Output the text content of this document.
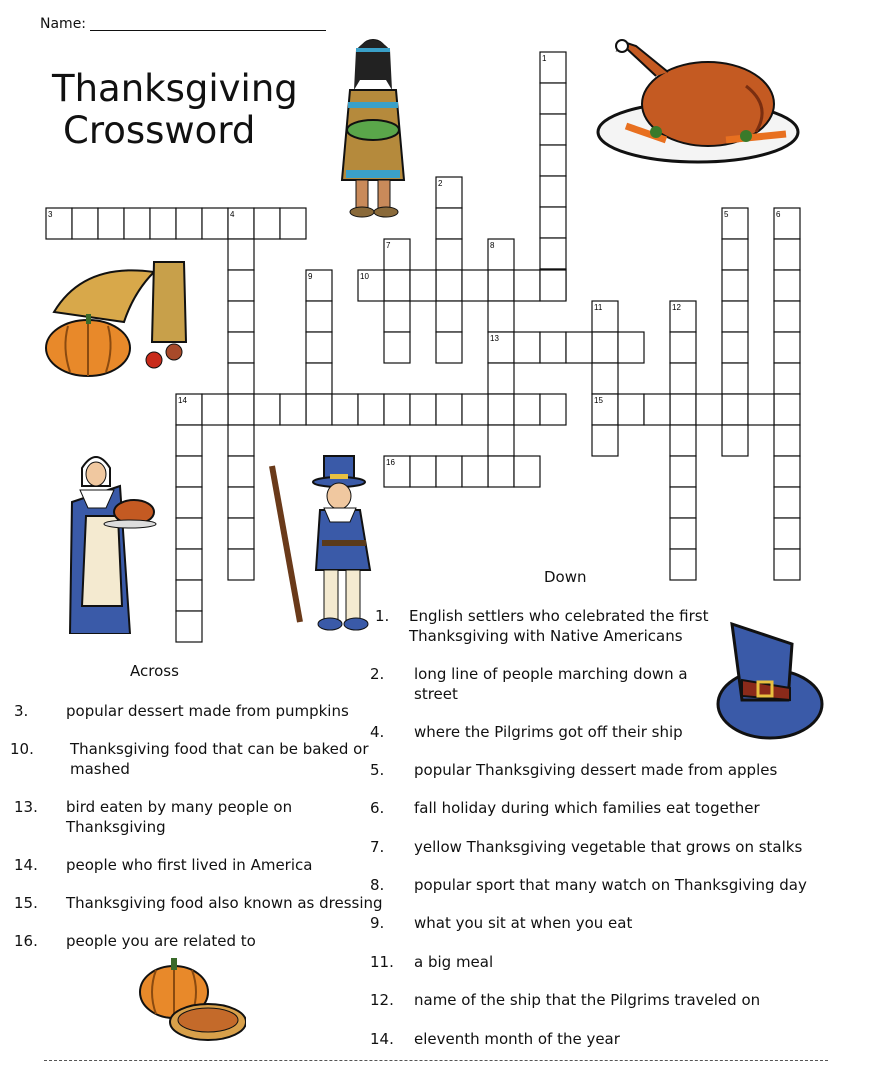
Name:
Thanksgiving
Crossword
1
2
3	4	5	6
7	8
9	10
11	12
13
14	15
16
Across
3.	popular dessert made from pumpkins
10. Thanksgiving food that can be baked or mashed
13. bird eaten by many people on Thanksgiving
14. people who first lived in America
15. Thanksgiving food also known as dressing
16. people you are related to
Down
1. English settlers who celebrated the first Thanksgiving with Native Americans
2. long line of people marching down a street
4. where the Pilgrims got off their ship
5. popular Thanksgiving dessert made from apples
6. fall holiday during which families eat together
7. yellow Thanksgiving vegetable that grows on stalks
8. popular sport that many watch on Thanksgiving day
9. what you sit at when you eat
11. a big meal
12. name of the ship that the Pilgrims traveled on
14. eleventh month of the year
